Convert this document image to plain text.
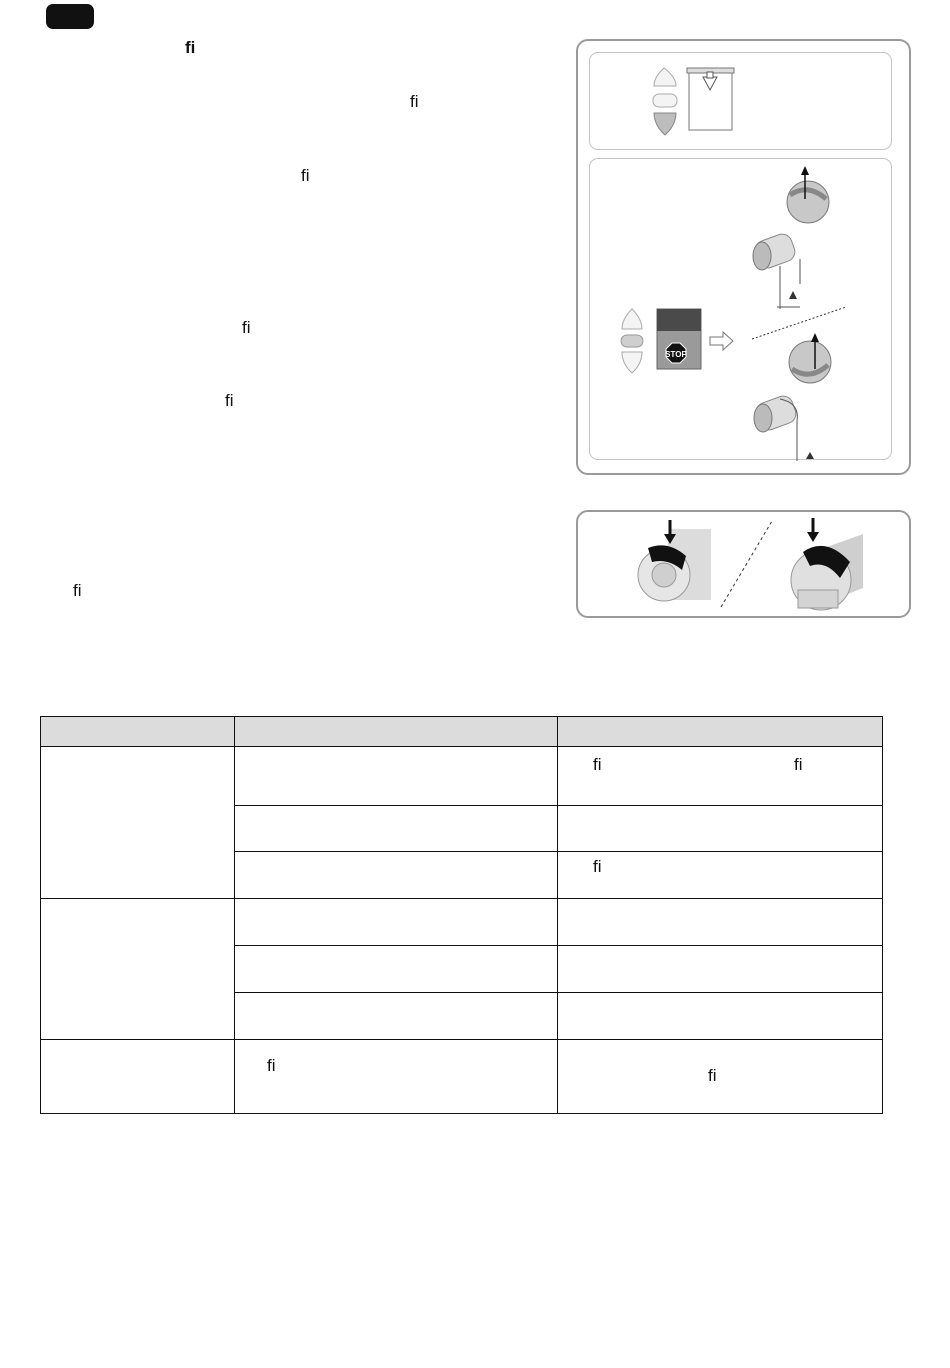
fi
fi
fi
fi
fi
fi
STOP

		fi fi

		fi

	fi	fi
